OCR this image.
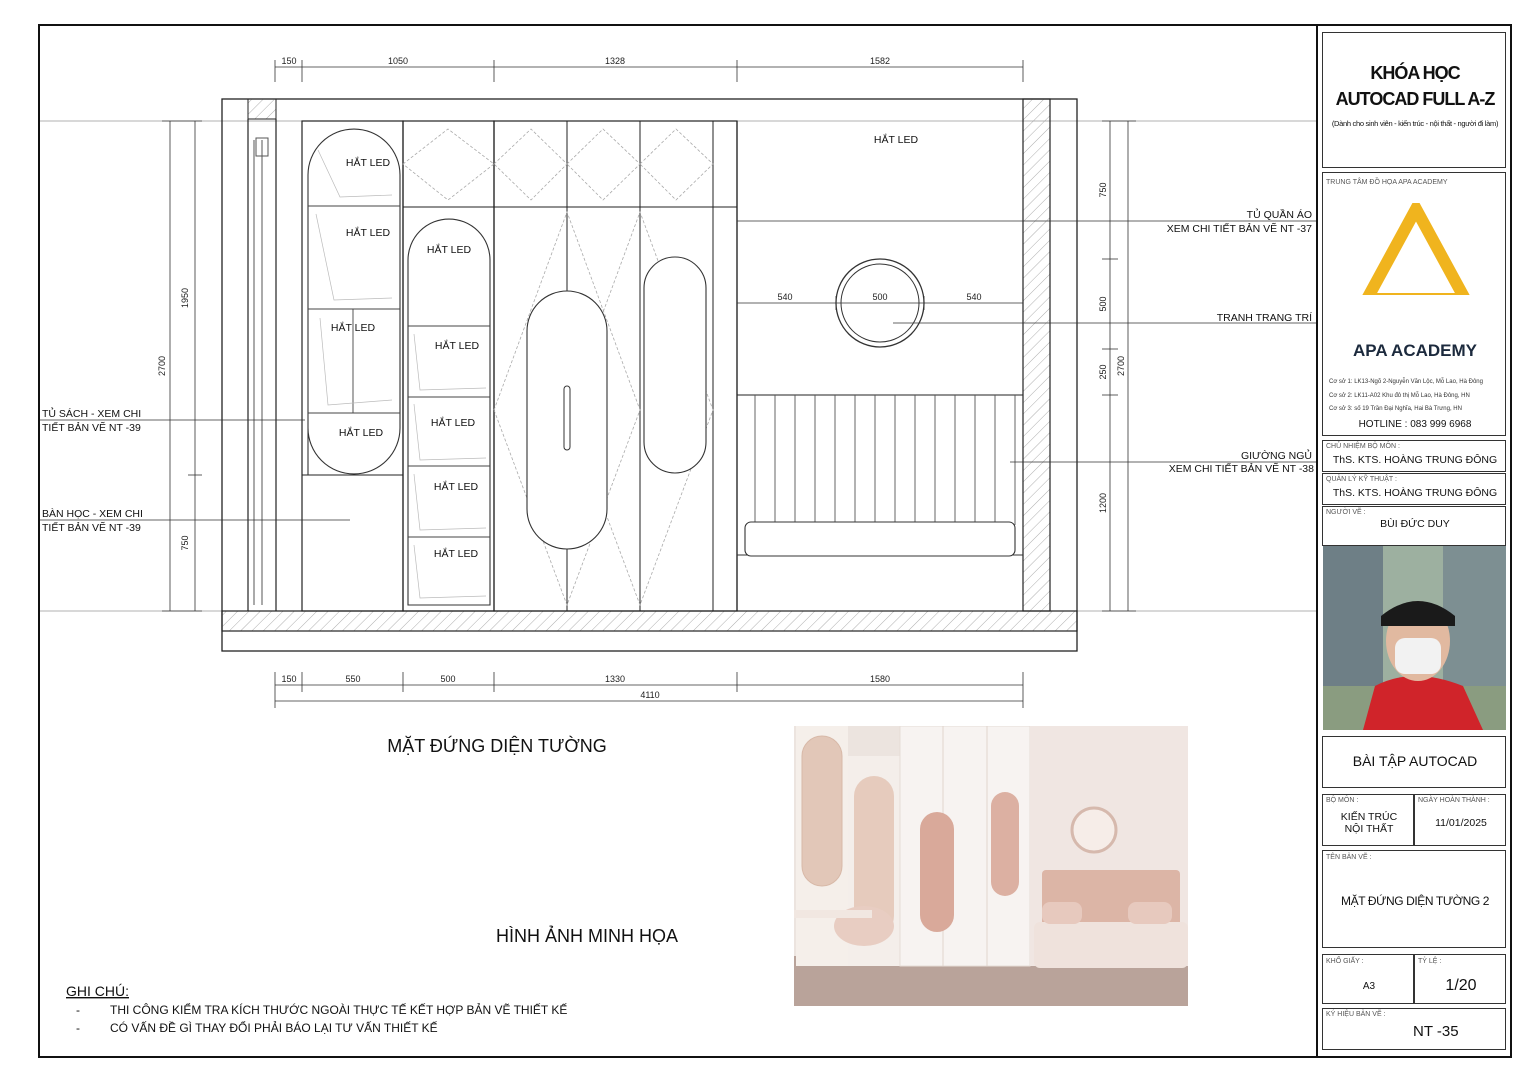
150	1050	1328	1582
150	550	500	1330	1580
4110
540	500	540
1950
750
2700
750
500
250
1200
2700
HẮT LED
HẮT LED
HẮT LED
HẮT LED
HẮT LED
HẮT LED
HẮT LED
HẮT LED
HẮT LED
HẮT LED
TỦ QUẦN ÁO
XEM CHI TIẾT BẢN VẼ NT -37
TRANH TRANG TRÍ
GIƯỜNG NGỦ
XEM CHI TIẾT BẢN VẼ NT -38
TỦ SÁCH - XEM CHI
TIẾT BẢN VẼ NT -39
BÀN HỌC - XEM CHI
TIẾT BẢN VẼ NT -39
MẶT ĐỨNG DIỆN TƯỜNG
HÌNH ẢNH MINH HỌA
GHI CHÚ:
-	THI CÔNG KIỂM TRA KÍCH THƯỚC NGOÀI THỰC TẾ KẾT HỢP BẢN VẼ THIẾT KẾ
-	CÓ VẤN ĐỀ GÌ THAY ĐỔI PHẢI BÁO LẠI TƯ VẤN THIẾT KẾ
KHÓA HỌC
AUTOCAD FULL A-Z
(Dành cho sinh viên - kiến trúc - nội thất - người đi làm)
TRUNG TÂM ĐỒ HỌA APA ACADEMY
APA ACADEMY
Cơ sở 1: LK13-Ngõ 2-Nguyễn Văn Lộc, Mỗ Lao, Hà Đông
Cơ sở 2: LK11-A02 Khu đô thị Mỗ Lao, Hà Đông, HN
Cơ sở 3: số 19 Trần Đại Nghĩa, Hai Bà Trưng, HN
HOTLINE : 083 999 6968
CHỦ NHIỆM BỘ MÔN :
ThS. KTS. HOÀNG TRUNG ĐÔNG
QUẢN LÝ KỸ THUẬT :
ThS. KTS. HOÀNG TRUNG ĐÔNG
NGƯỜI VẼ :
BÙI ĐỨC DUY
BÀI TẬP AUTOCAD
BỘ MÔN :
KIẾN TRÚC
NỘI THẤT
NGÀY HOÀN THÀNH :
11/01/2025
TÊN BẢN VẼ :
MẶT ĐỨNG DIỆN TƯỜNG 2
KHỔ GIẤY :
A3
TỶ LỆ :
1/20
KÝ HIỆU BẢN VẼ :
NT -35
